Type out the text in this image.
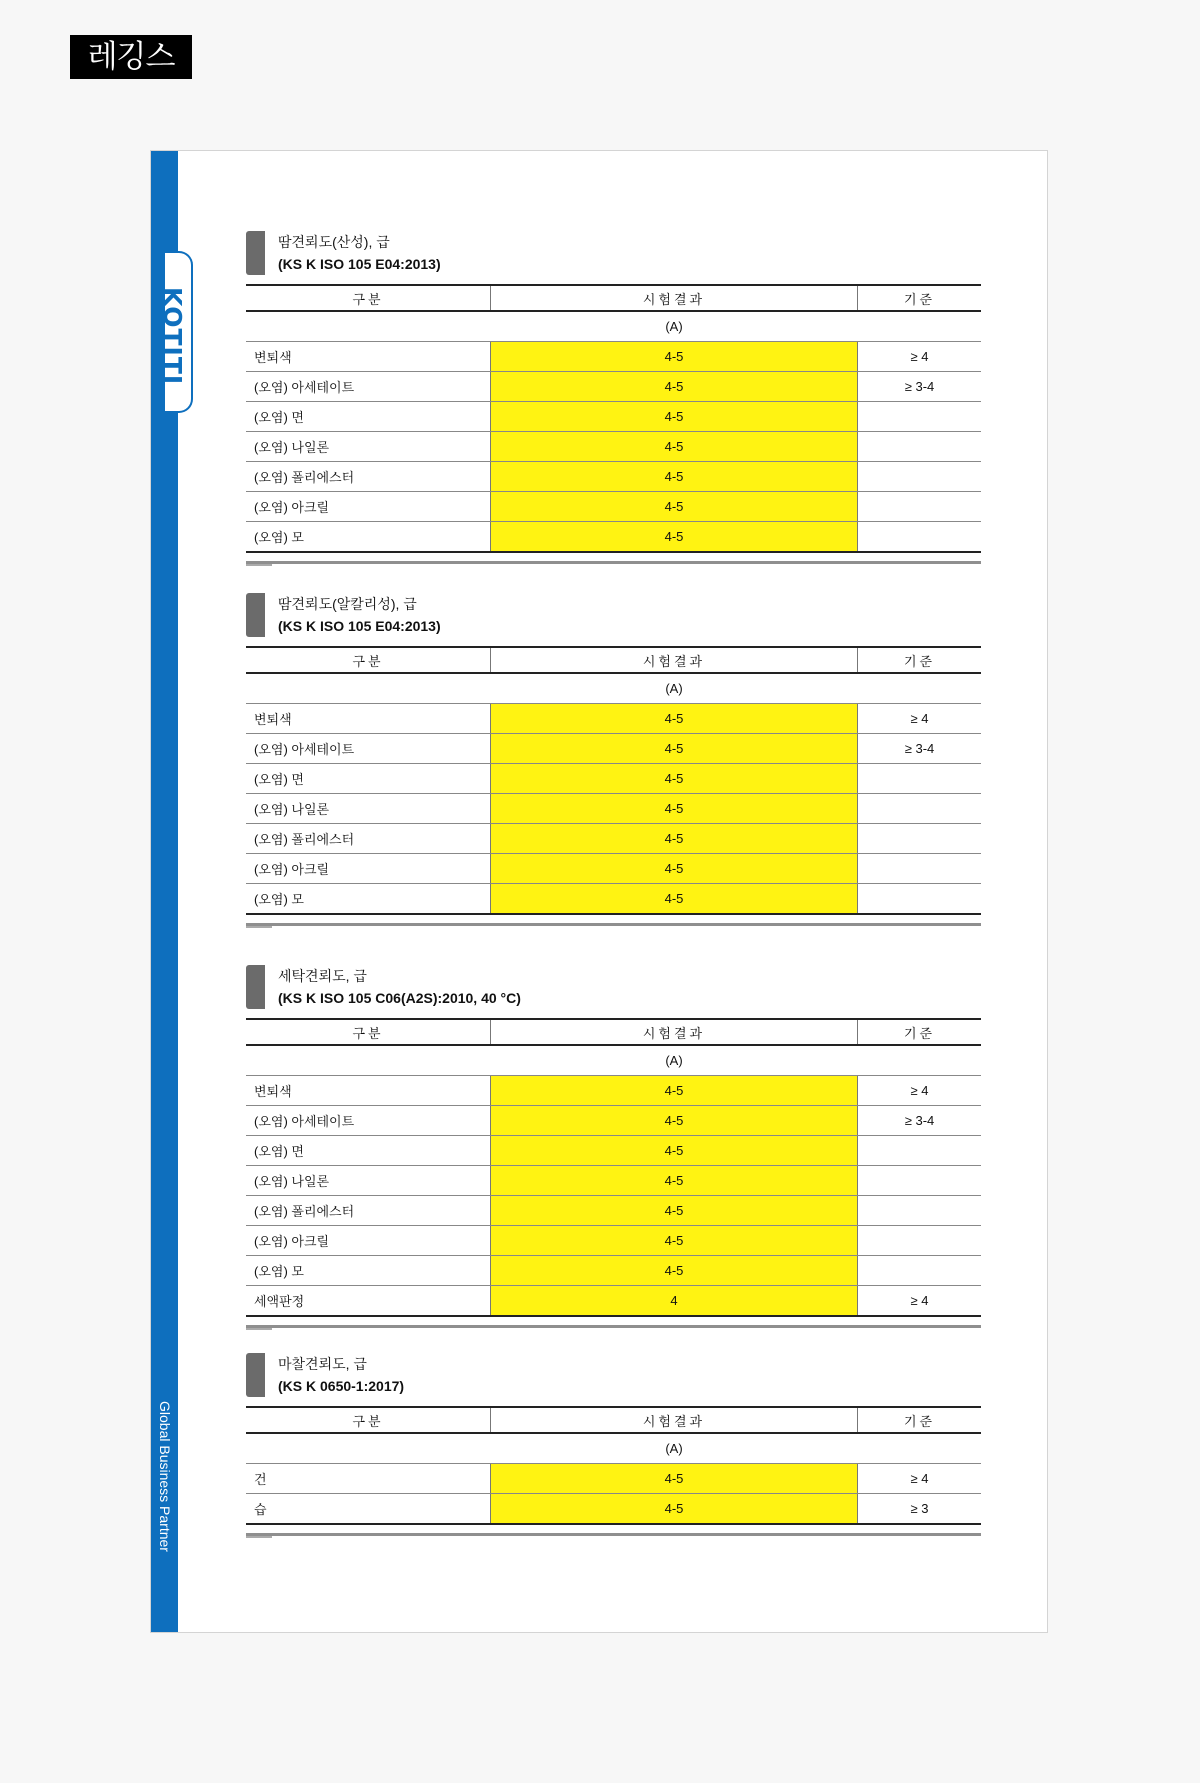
레깅스
KOTITI
Global Business Partner
땀견뢰도(산성), 급
(KS K ISO 105 E04:2013)
구분	시험결과	기준
	(A)	
변퇴색	4-5	≥ 4
(오염) 아세테이트	4-5	≥ 3-4
(오염) 면	4-5	
(오염) 나일론	4-5	
(오염) 폴리에스터	4-5	
(오염) 아크릴	4-5	
(오염) 모	4-5	
땀견뢰도(알칼리성), 급
(KS K ISO 105 E04:2013)
구분	시험결과	기준
	(A)	
변퇴색	4-5	≥ 4
(오염) 아세테이트	4-5	≥ 3-4
(오염) 면	4-5	
(오염) 나일론	4-5	
(오염) 폴리에스터	4-5	
(오염) 아크릴	4-5	
(오염) 모	4-5	
세탁견뢰도, 급
(KS K ISO 105 C06(A2S):2010, 40 °C)
구분	시험결과	기준
	(A)	
변퇴색	4-5	≥ 4
(오염) 아세테이트	4-5	≥ 3-4
(오염) 면	4-5	
(오염) 나일론	4-5	
(오염) 폴리에스터	4-5	
(오염) 아크릴	4-5	
(오염) 모	4-5	
세액판정	4	≥ 4
마찰견뢰도, 급
(KS K 0650-1:2017)
구분	시험결과	기준
	(A)	
건	4-5	≥ 4
습	4-5	≥ 3
